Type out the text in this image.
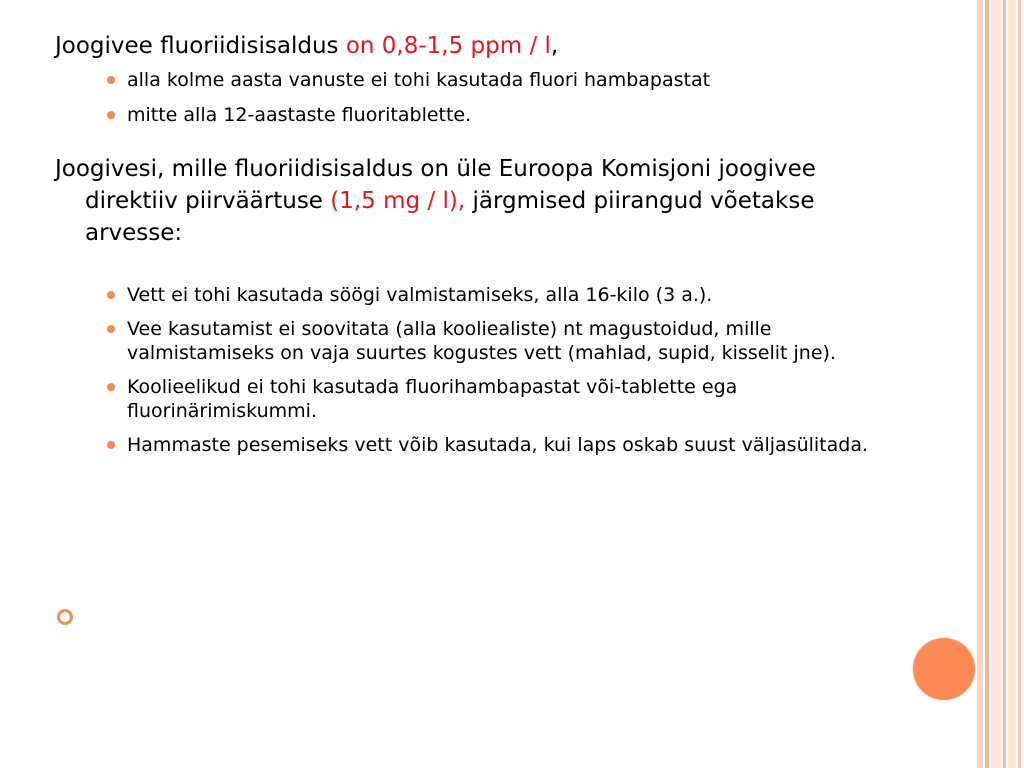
Joogivee fluoriidisisaldus on 0,8-1,5 ppm / l,

alla kolme aasta vanuste ei tohi kasutada fluori hambapastat
mitte alla 12-aastaste fluoritablette.

Joogivesi, mille fluoriidisisaldus on üle Euroopa Komisjoni joogivee direktiiv piirväärtuse (1,5 mg / l), järgmised piirangud võetakse arvesse:

Vett ei tohi kasutada söögi valmistamiseks, alla 16-kilo (3 a.).
Vee kasutamist ei soovitata (alla kooliealiste) nt magustoidud, mille valmistamiseks on vaja suurtes kogustes vett (mahlad, supid, kisselit jne).
Koolieelikud ei tohi kasutada fluorihambapastat või-tablette ega fluorinärimiskummi.
Hammaste pesemiseks vett võib kasutada, kui laps oskab suust väljasülitada.
